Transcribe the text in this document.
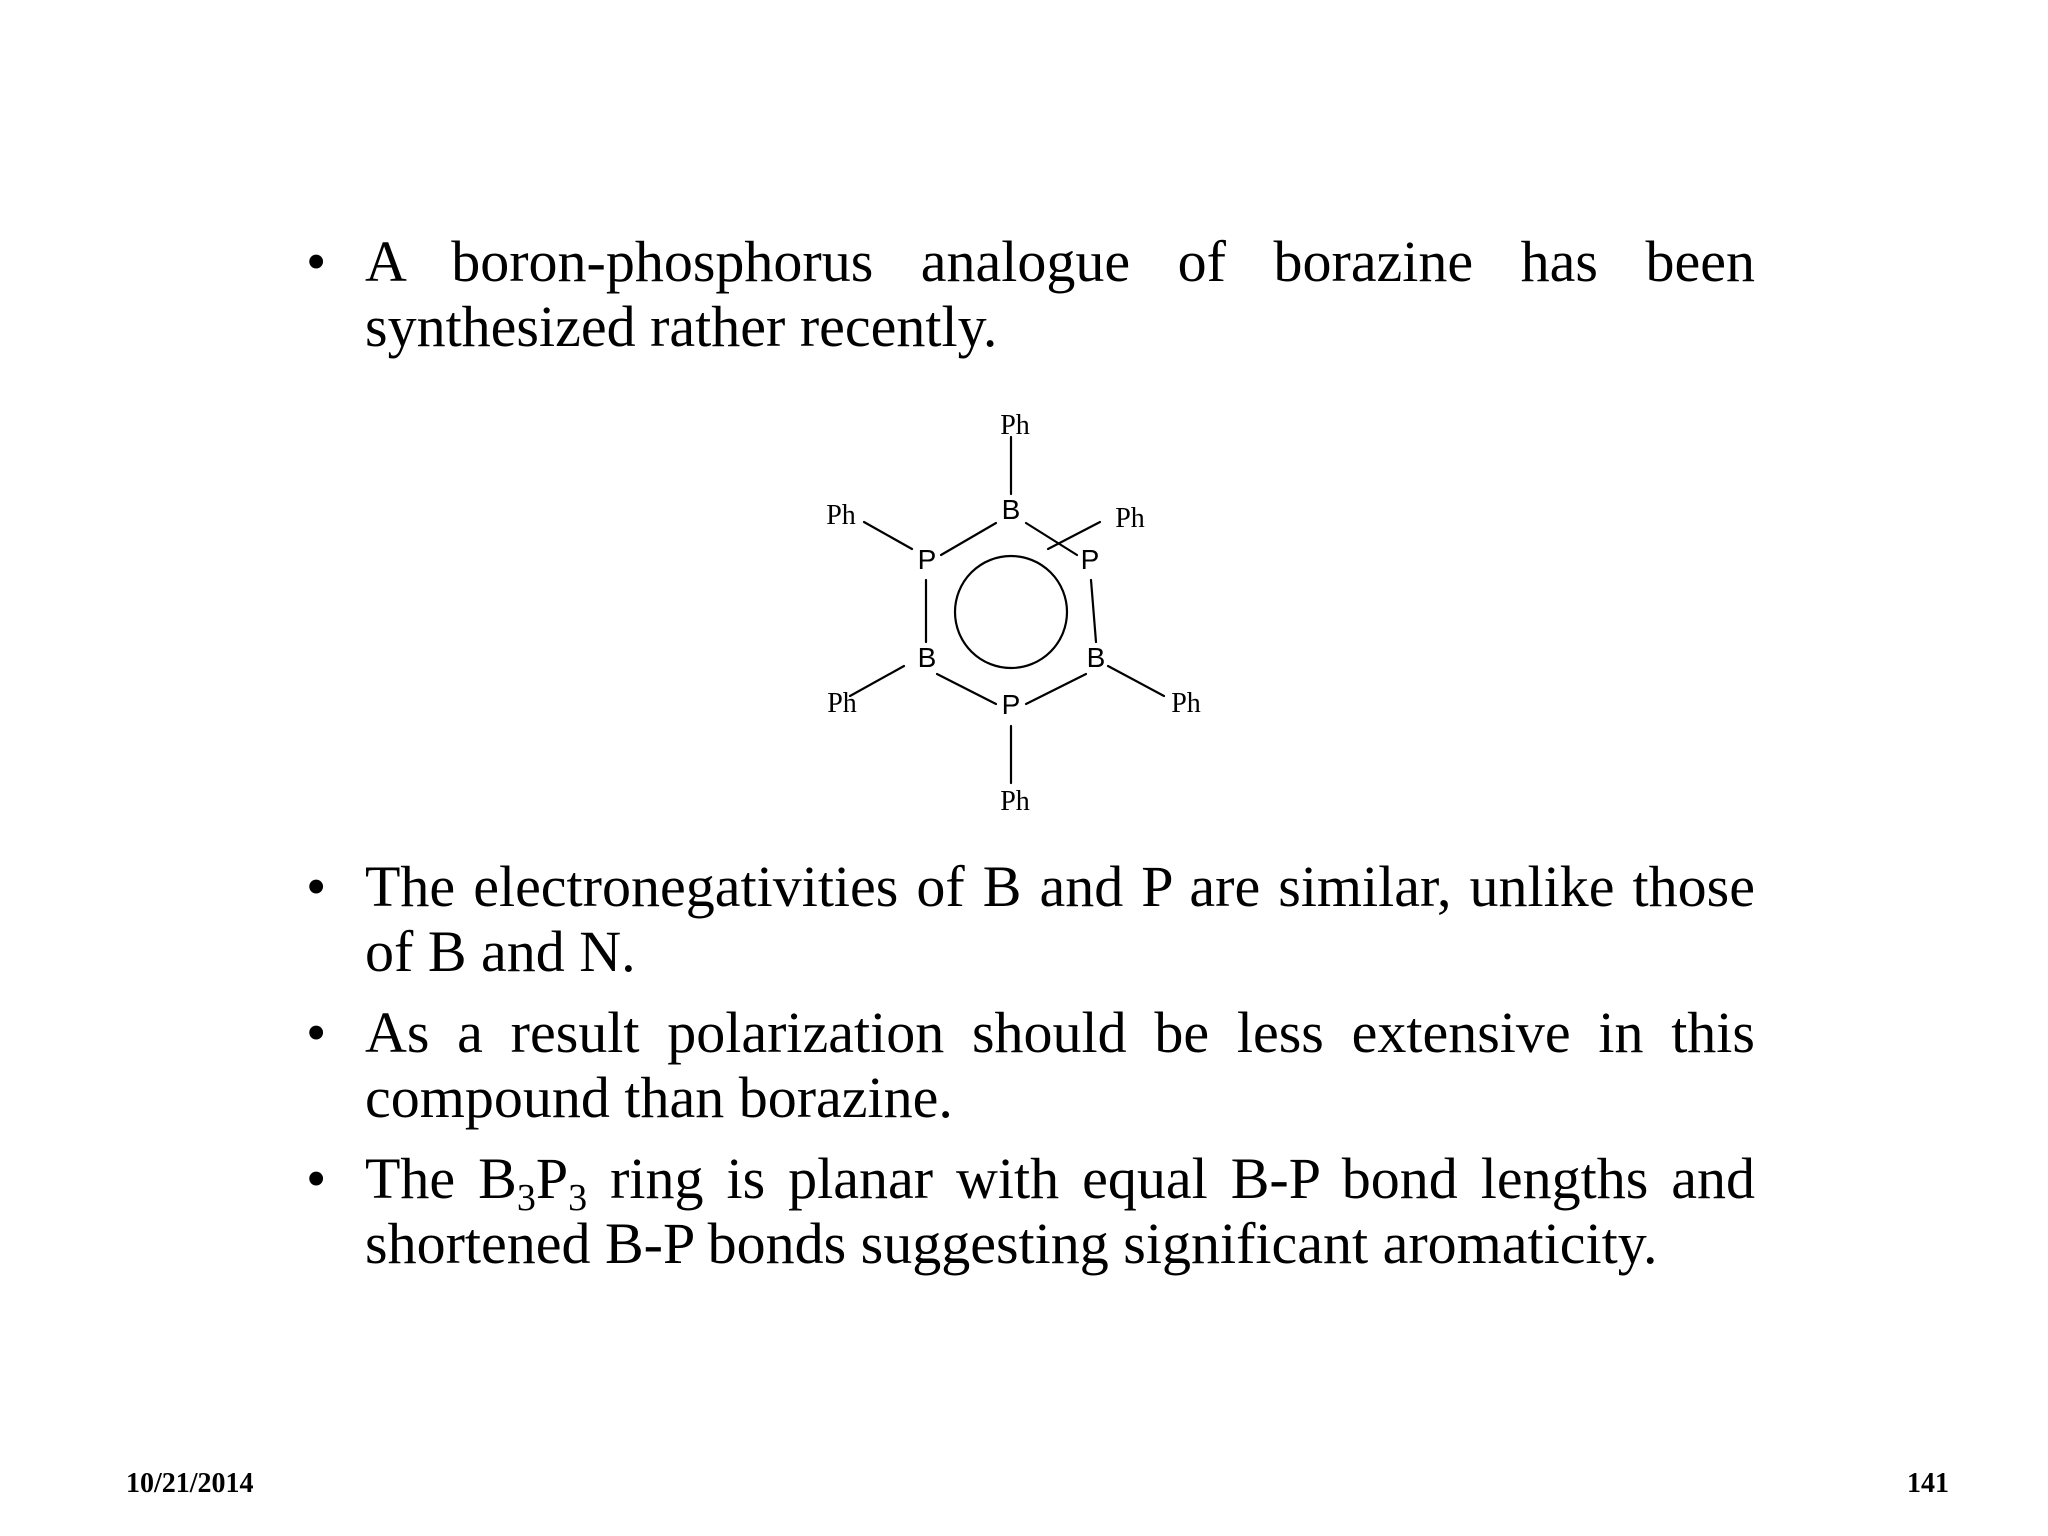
• A boron-phosphorus analogue of borazine has been synthesized rather recently.
B
P
B
P
B
P
Ph
Ph	Ph
Ph	Ph
Ph
• The electronegativities of B and P are similar, unlike those of B and N.
• As a result polarization should be less extensive in this compound than borazine.
• The $B_3P_3$ ring is planar with equal B-P bond lengths and shortened B-P bonds suggesting significant aromaticity.
10/21/2014	141
